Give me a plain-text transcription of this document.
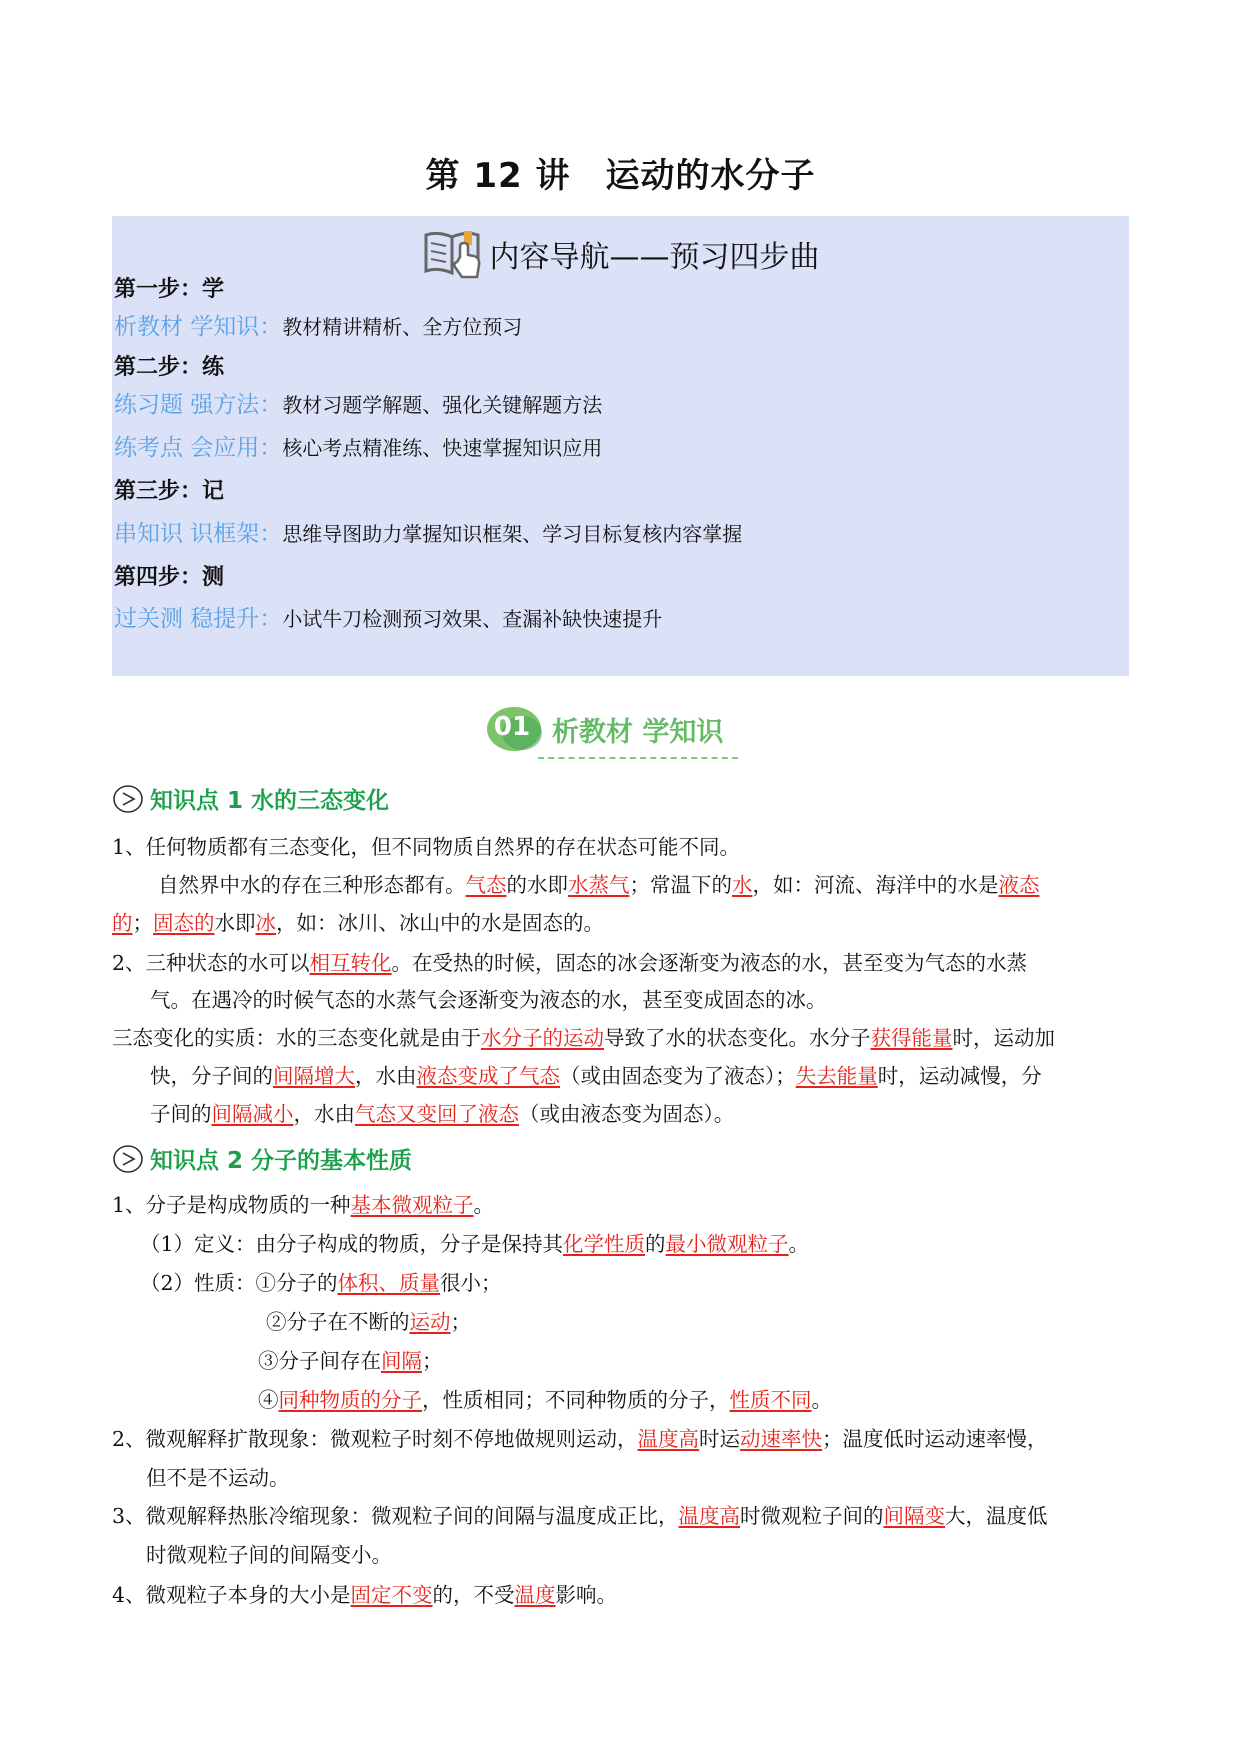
第 12 讲　运动的水分子
内容导航——预习四步曲
第一步：学
析教材 学知识：教材精讲精析、全方位预习
第二步：练
练习题 强方法：教材习题学解题、强化关键解题方法
练考点 会应用：核心考点精准练、快速掌握知识应用
第三步：记
串知识 识框架：思维导图助力掌握知识框架、学习目标复核内容掌握
第四步：测
过关测 稳提升：小试牛刀检测预习效果、查漏补缺快速提升
01 析教材 学知识
知识点 1 水的三态变化
1、任何物质都有三态变化，但不同物质自然界的存在状态可能不同。
自然界中水的存在三种形态都有。气态的水即水蒸气；常温下的水，如：河流、海洋中的水是液态
的；固态的水即冰，如：冰川、冰山中的水是固态的。
2、三种状态的水可以相互转化。在受热的时候，固态的冰会逐渐变为液态的水，甚至变为气态的水蒸
气。在遇冷的时候气态的水蒸气会逐渐变为液态的水，甚至变成固态的冰。
三态变化的实质：水的三态变化就是由于水分子的运动导致了水的状态变化。水分子获得能量时，运动加
快，分子间的间隔增大，水由液态变成了气态（或由固态变为了液态）；失去能量时，运动减慢，分
子间的间隔减小，水由气态又变回了液态（或由液态变为固态）。
知识点 2 分子的基本性质
1、分子是构成物质的一种基本微观粒子。
（1）定义：由分子构成的物质，分子是保持其化学性质的最小微观粒子。
（2）性质：①分子的体积、质量很小；
②分子在不断的运动；
③分子间存在间隔；
④同种物质的分子，性质相同；不同种物质的分子，性质不同。
2、微观解释扩散现象：微观粒子时刻不停地做规则运动，温度高时运动速率快；温度低时运动速率慢，
但不是不运动。
3、微观解释热胀冷缩现象：微观粒子间的间隔与温度成正比，温度高时微观粒子间的间隔变大，温度低
时微观粒子间的间隔变小。
4、微观粒子本身的大小是固定不变的，不受温度影响。
